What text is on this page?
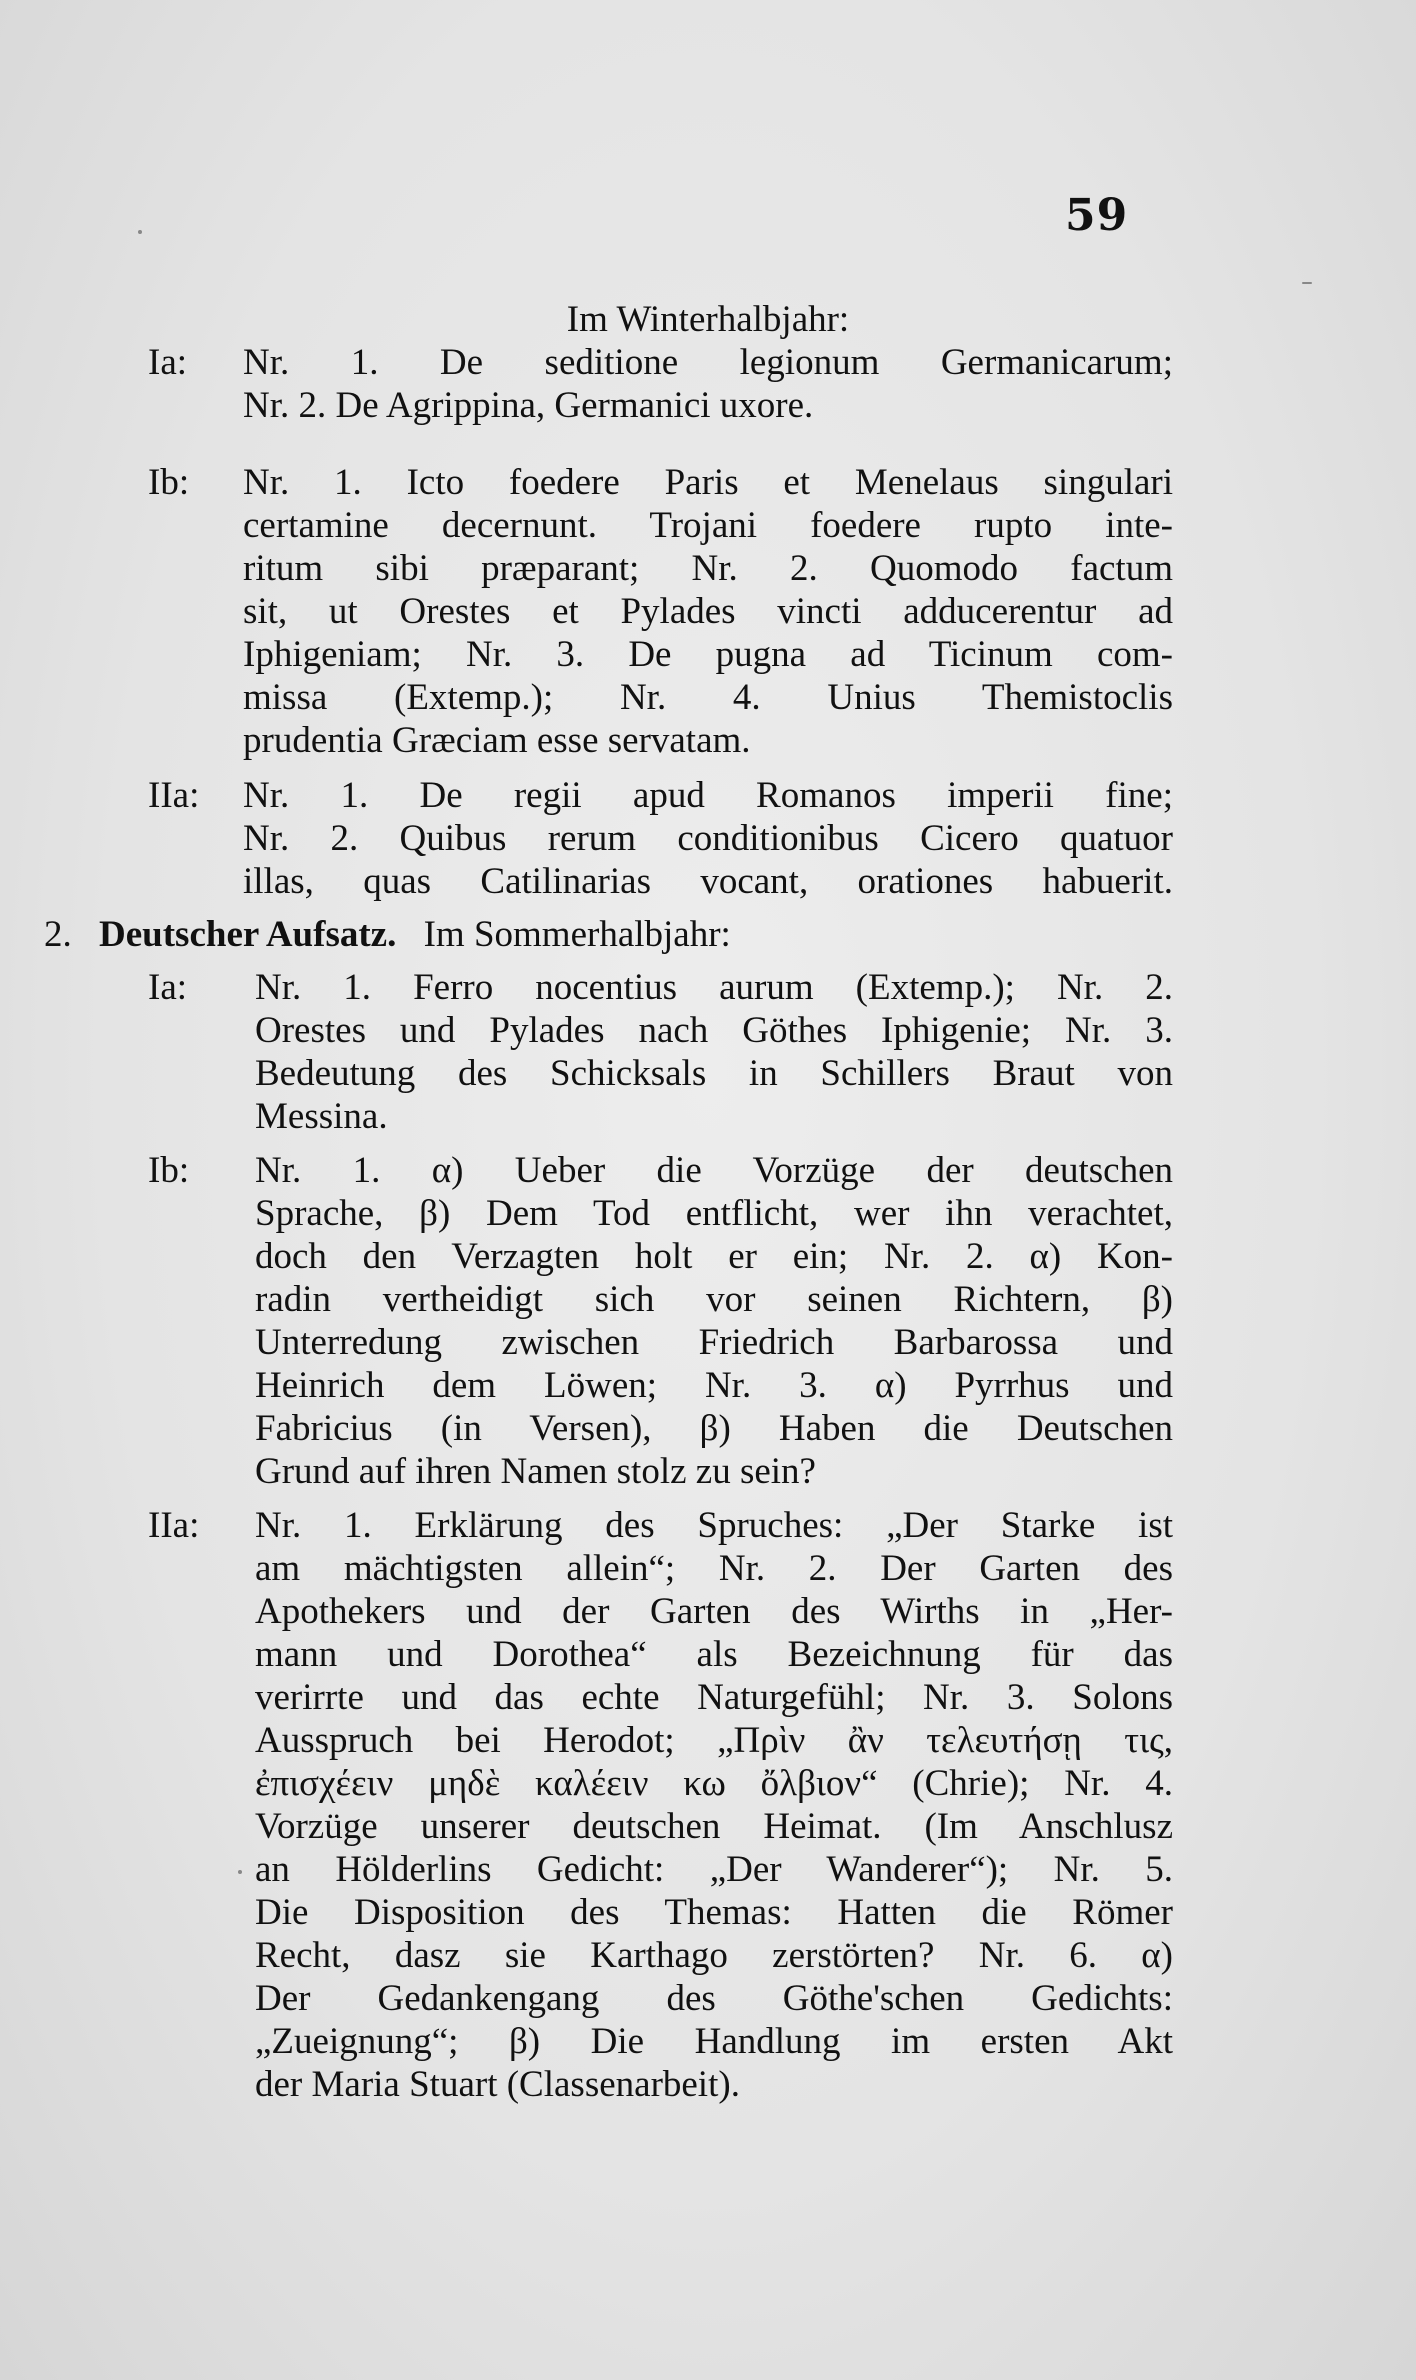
59
Im Winterhalbjahr:
Ia:	Nr. 1. De seditione legionum Germanicarum;
Nr. 2. De Agrippina, Germanici uxore.
Ib:	Nr. 1. Icto foedere Paris et Menelaus singulari
certamine decernunt. Trojani foedere rupto inte-
ritum sibi præparant; Nr. 2. Quomodo factum
sit, ut Orestes et Pylades vincti adducerentur ad
Iphigeniam; Nr. 3. De pugna ad Ticinum com-
missa (Extemp.); Nr. 4. Unius Themistoclis
prudentia Græciam esse servatam.
IIa:	Nr. 1. De regii apud Romanos imperii fine;
Nr. 2. Quibus rerum conditionibus Cicero quatuor
illas, quas Catilinarias vocant, orationes habuerit.
2. Deutscher Aufsatz. Im Sommerhalbjahr:
Ia:	Nr. 1. Ferro nocentius aurum (Extemp.); Nr. 2.
Orestes und Pylades nach Göthes Iphigenie; Nr. 3.
Bedeutung des Schicksals in Schillers Braut von
Messina.
Ib:	Nr. 1. α) Ueber die Vorzüge der deutschen
Sprache, β) Dem Tod entflicht, wer ihn verachtet,
doch den Verzagten holt er ein; Nr. 2. α) Kon-
radin vertheidigt sich vor seinen Richtern, β)
Unterredung zwischen Friedrich Barbarossa und
Heinrich dem Löwen; Nr. 3. α) Pyrrhus und
Fabricius (in Versen), β) Haben die Deutschen
Grund auf ihren Namen stolz zu sein?
IIa:	Nr. 1. Erklärung des Spruches: „Der Starke ist
am mächtigsten allein“; Nr. 2. Der Garten des
Apothekers und der Garten des Wirths in „Her-
mann und Dorothea“ als Bezeichnung für das
verirrte und das echte Naturgefühl; Nr. 3. Solons
Ausspruch bei Herodot; „Πρὶν ἂν τελευτήσῃ τις,
ἐπισχέειν μηδὲ καλέειν κω ὄλβιον“ (Chrie); Nr. 4.
Vorzüge unserer deutschen Heimat. (Im Anschlusz
an Hölderlins Gedicht: „Der Wanderer“); Nr. 5.
Die Disposition des Themas: Hatten die Römer
Recht, dasz sie Karthago zerstörten? Nr. 6. α)
Der Gedankengang des Göthe'schen Gedichts:
„Zueignung“; β) Die Handlung im ersten Akt
der Maria Stuart (Classenarbeit).
